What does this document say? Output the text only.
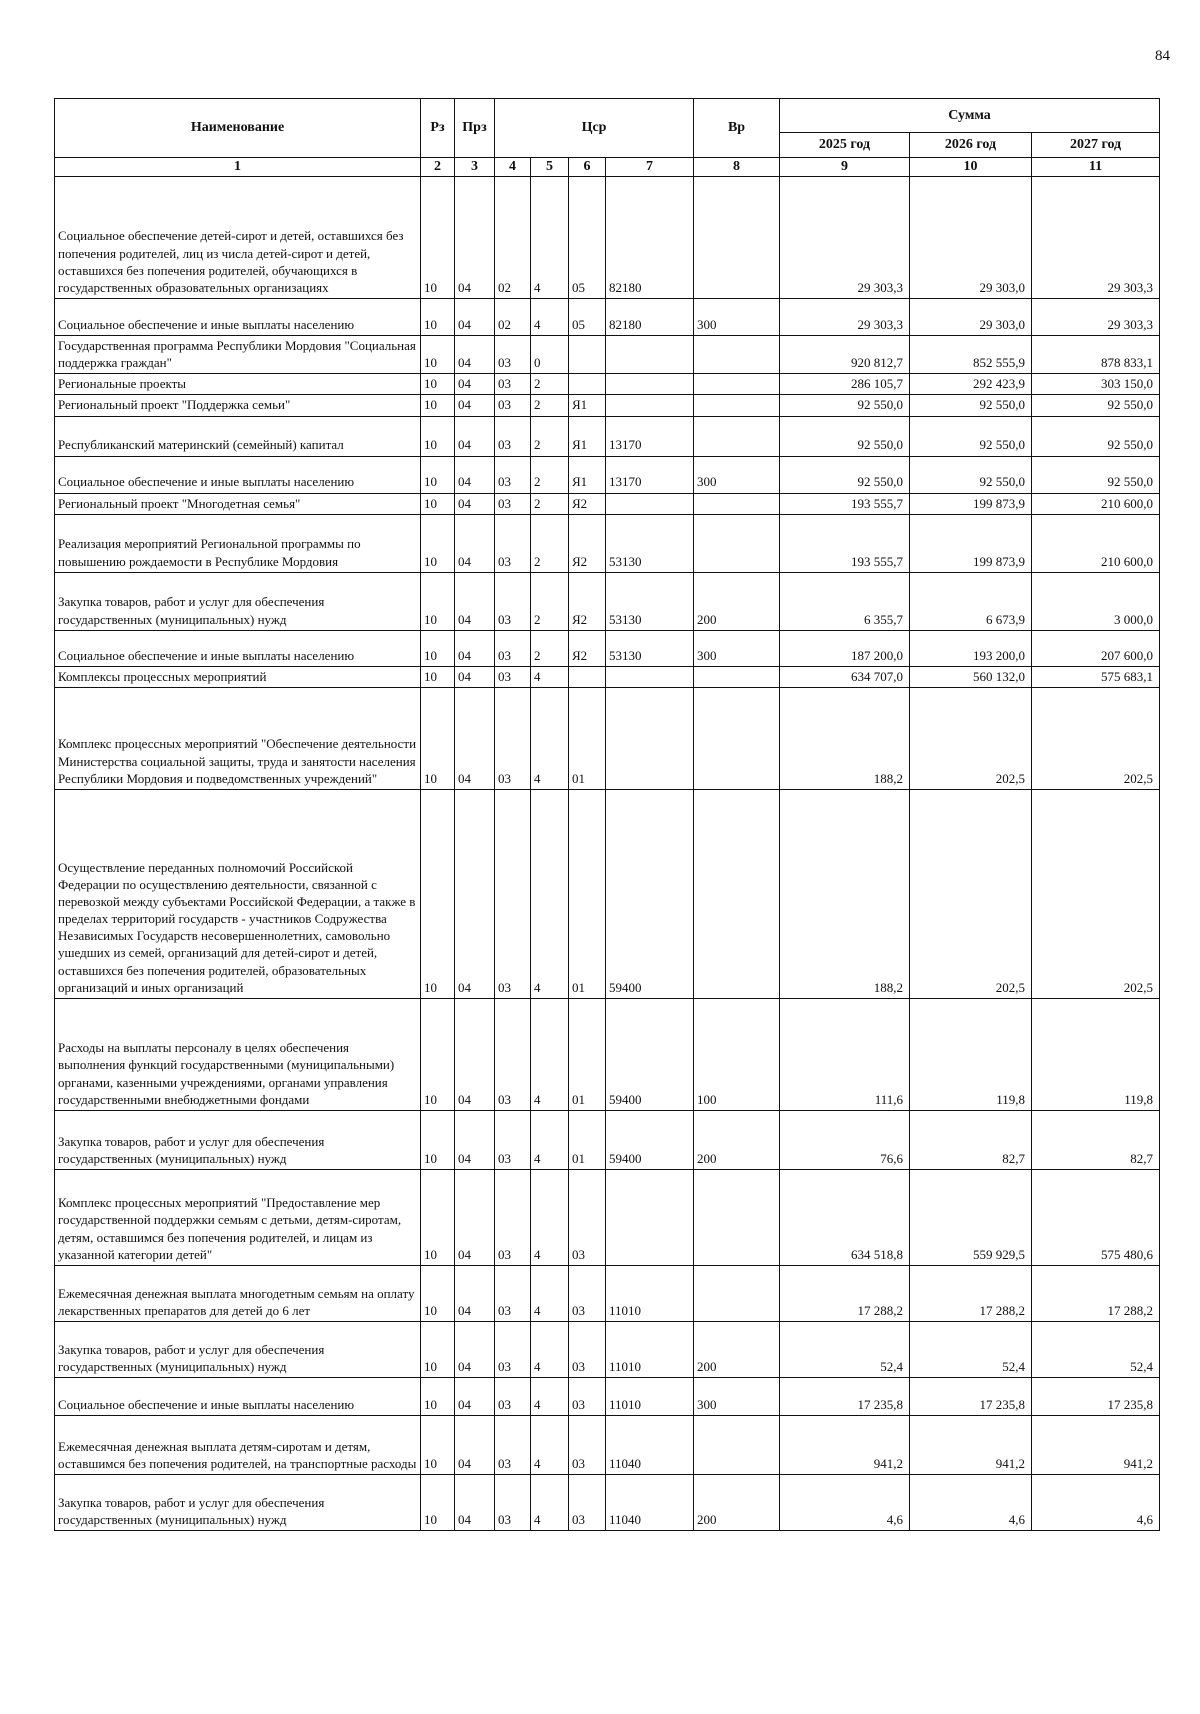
84
Наименование	Рз	Прз	Цср				Вр	Сумма		
								2025 год	2026 год	2027 год
1	2	3	4	5	6	7	8	9	10	11
Социальное обеспечение детей-сирот и детей, оставшихся без попечения родителей, лиц из числа детей-сирот и детей, оставшихся без попечения родителей, обучающихся в государственных образовательных организациях	10	04	02	4	05	82180		29 303,3	29 303,0	29 303,3
Социальное обеспечение и иные выплаты населению	10	04	02	4	05	82180	300	29 303,3	29 303,0	29 303,3
Государственная программа Республики Мордовия "Социальная поддержка граждан"	10	04	03	0				920 812,7	852 555,9	878 833,1
Региональные проекты	10	04	03	2				286 105,7	292 423,9	303 150,0
Региональный проект "Поддержка семьи"	10	04	03	2	Я1			92 550,0	92 550,0	92 550,0
Республиканский материнский (семейный) капитал	10	04	03	2	Я1	13170		92 550,0	92 550,0	92 550,0
Социальное обеспечение и иные выплаты населению	10	04	03	2	Я1	13170	300	92 550,0	92 550,0	92 550,0
Региональный проект "Многодетная семья"	10	04	03	2	Я2			193 555,7	199 873,9	210 600,0
Реализация мероприятий Региональной программы по повышению рождаемости в Республике Мордовия	10	04	03	2	Я2	53130		193 555,7	199 873,9	210 600,0
Закупка товаров, работ и услуг для обеспечения государственных (муниципальных) нужд	10	04	03	2	Я2	53130	200	6 355,7	6 673,9	3 000,0
Социальное обеспечение и иные выплаты населению	10	04	03	2	Я2	53130	300	187 200,0	193 200,0	207 600,0
Комплексы процессных мероприятий	10	04	03	4				634 707,0	560 132,0	575 683,1
Комплекс процессных мероприятий "Обеспечение деятельности Министерства социальной защиты, труда и занятости населения Республики Мордовия и подведомственных учреждений"	10	04	03	4	01			188,2	202,5	202,5
Осуществление переданных полномочий Российской Федерации по осуществлению деятельности, связанной с перевозкой между субъектами Российской Федерации, а также в пределах территорий государств - участников Содружества Независимых Государств несовершеннолетних, самовольно ушедших из семей, организаций для детей-сирот и детей, оставшихся без попечения родителей, образовательных организаций и иных организаций	10	04	03	4	01	59400		188,2	202,5	202,5
Расходы на выплаты персоналу в целях обеспечения выполнения функций государственными (муниципальными) органами, казенными учреждениями, органами управления государственными внебюджетными фондами	10	04	03	4	01	59400	100	111,6	119,8	119,8
Закупка товаров, работ и услуг для обеспечения государственных (муниципальных) нужд	10	04	03	4	01	59400	200	76,6	82,7	82,7
Комплекс процессных мероприятий "Предоставление мер государственной поддержки семьям с детьми, детям-сиротам, детям, оставшимся без попечения родителей, и лицам из указанной категории детей"	10	04	03	4	03			634 518,8	559 929,5	575 480,6
Ежемесячная денежная выплата многодетным семьям на оплату лекарственных препаратов для детей до 6 лет	10	04	03	4	03	11010		17 288,2	17 288,2	17 288,2
Закупка товаров, работ и услуг для обеспечения государственных (муниципальных) нужд	10	04	03	4	03	11010	200	52,4	52,4	52,4
Социальное обеспечение и иные выплаты населению	10	04	03	4	03	11010	300	17 235,8	17 235,8	17 235,8
Ежемесячная денежная выплата детям-сиротам и детям, оставшимся без попечения родителей, на транспортные расходы	10	04	03	4	03	11040		941,2	941,2	941,2
Закупка товаров, работ и услуг для обеспечения государственных (муниципальных) нужд	10	04	03	4	03	11040	200	4,6	4,6	4,6
